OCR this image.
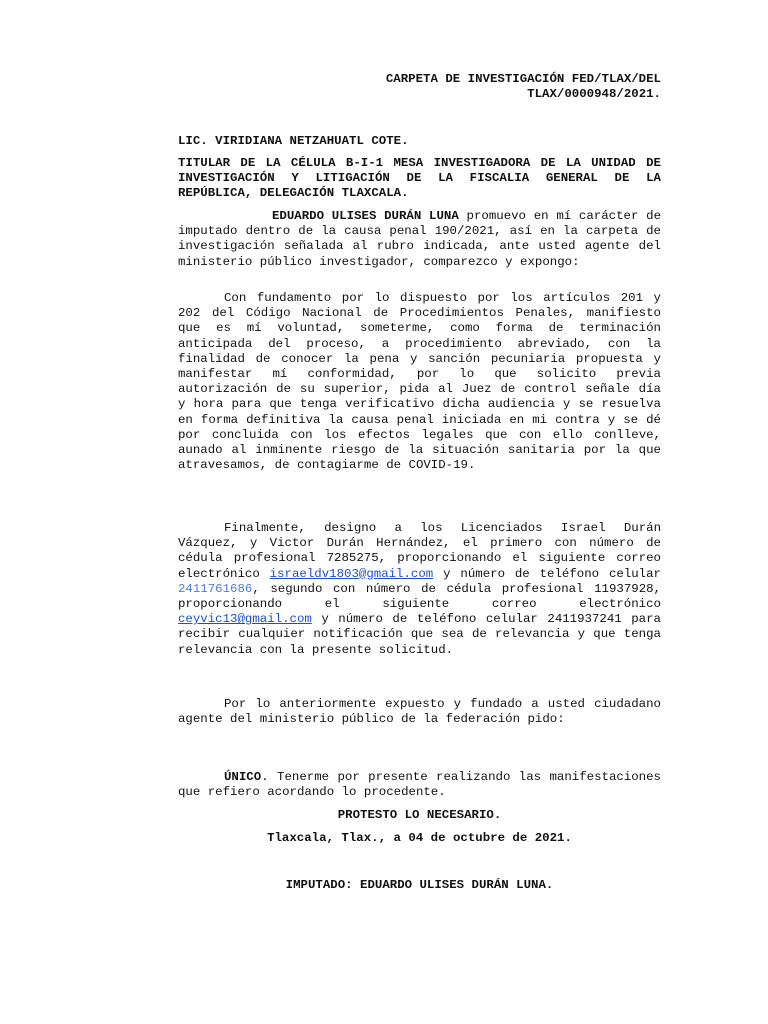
CARPETA DE INVESTIGACIÓN FED/TLAX/DEL

TLAX/0000948/2021.

LIC. VIRIDIANA NETZAHUATL COTE.

TITULAR DE LA CÉLULA B-I-1 MESA INVESTIGADORA DE LA UNIDAD DE INVESTIGACIÓN Y LITIGACIÓN DE LA FISCALIA GENERAL DE LA REPÚBLICA, DELEGACIÓN TLAXCALA.

EDUARDO ULISES DURÁN LUNA promuevo en mí carácter de imputado dentro de la causa penal 190/2021, así en la carpeta de investigación señalada al rubro indicada, ante usted agente del ministerio público investigador, comparezco y expongo:

Con fundamento por lo dispuesto por los artículos 201 y 202 del Código Nacional de Procedimientos Penales, manifiesto que es mí voluntad, someterme, como forma de terminación anticipada del proceso, a procedimiento abreviado, con la finalidad de conocer la pena y sanción pecuniaria propuesta y manifestar mí conformidad, por lo que solicito previa autorización de su superior, pida al Juez de control señale día y hora para que tenga verificativo dicha audiencia y se resuelva en forma definitiva la causa penal iniciada en mi contra y se dé por concluida con los efectos legales que con ello conlleve, aunado al inminente riesgo de la situación sanitaria por la que atravesamos, de contagiarme de COVID-19.

Finalmente, designo a los Licenciados Israel Durán Vázquez, y Victor Durán Hernández, el primero con número de cédula profesional 7285275, proporcionando el siguiente correo electrónico israeldv1803@gmail.com y número de teléfono celular 2411761686, segundo con número de cédula profesional 11937928, proporcionando el siguiente correo electrónico ceyvic13@gmail.com y número de teléfono celular 2411937241 para recibir cualquier notificación que sea de relevancia y que tenga relevancia con la presente solicitud.

Por lo anteriormente expuesto y fundado a usted ciudadano agente del ministerio público de la federación pido:

ÚNICO. Tenerme por presente realizando las manifestaciones que refiero acordando lo procedente.

PROTESTO LO NECESARIO.

Tlaxcala, Tlax., a 04 de octubre de 2021.

IMPUTADO: EDUARDO ULISES DURÁN LUNA.
